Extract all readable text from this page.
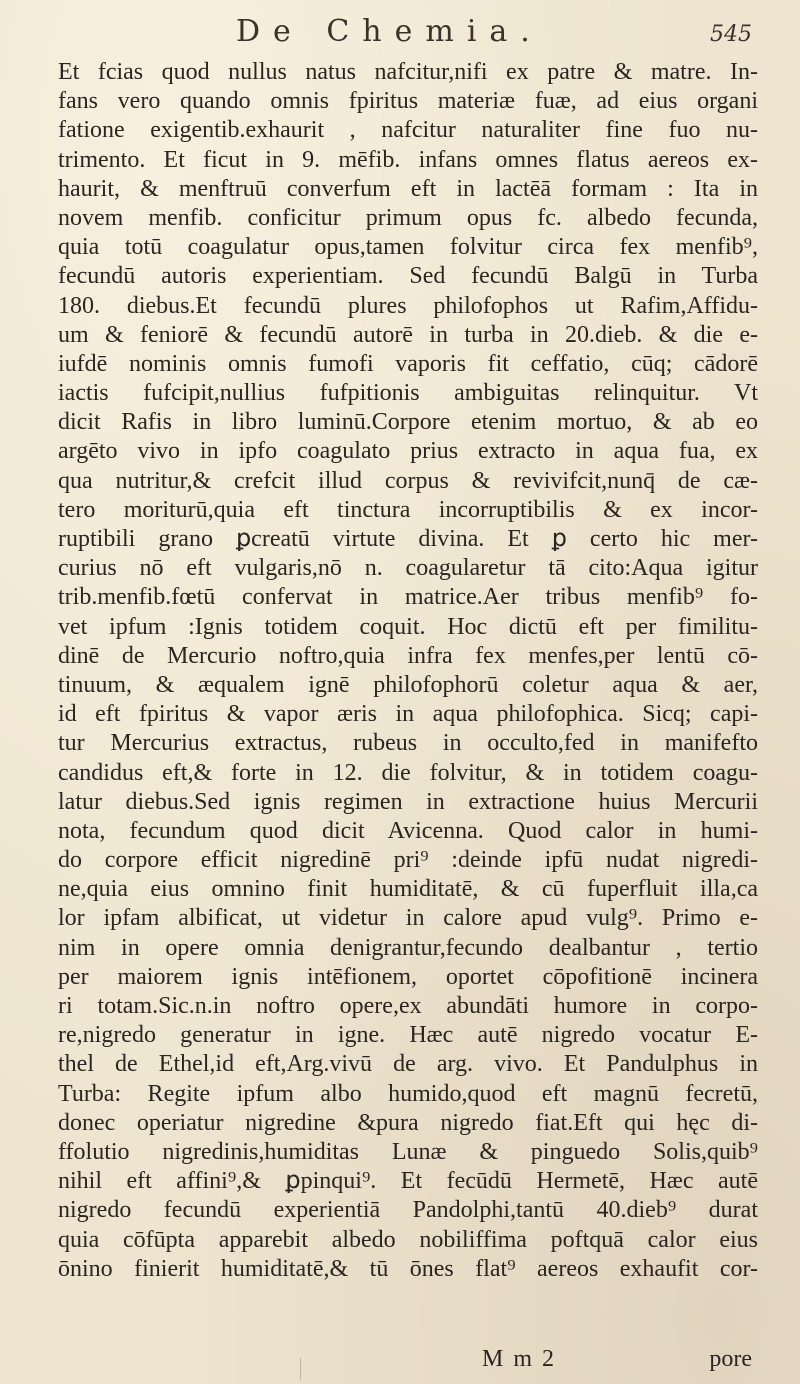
De Chemia.	545
Et fcias quod nullus natus nafcitur,nifi ex patre & matre. In-
fans vero quando omnis fpiritus materiæ fuæ, ad eius organi
fatione exigentib.exhaurit , nafcitur naturaliter fine fuo nu-
trimento. Et ficut in 9. mēfib. infans omnes flatus aereos ex-
haurit, & menftruū converfum eft in lactēā formam : Ita in
novem menfib. conficitur primum opus fc. albedo fecunda,
quia totū coagulatur opus,tamen folvitur circa fex menfib⁹,
fecundū autoris experientiam. Sed fecundū Balgū in Turba
180. diebus.Et fecundū plures philofophos ut Rafim,Affidu-
um & feniorē & fecundū autorē in turba in 20.dieb. & die e-
iufdē nominis omnis fumofi vaporis fit ceffatio, cūq; cādorē
iactis fufcipit,nullius fufpitionis ambiguitas relinquitur. Vt
dicit Rafis in libro luminū.Corpore etenim mortuo, & ab eo
argēto vivo in ipfo coagulato prius extracto in aqua fua, ex
qua nutritur,& crefcit illud corpus & revivifcit,nunq̄ de cæ-
tero moriturū,quia eft tinctura incorruptibilis & ex incor-
ruptibili grano ꝑcreatū virtute divina. Et ꝑ certo hic mer-
curius nō eft vulgaris,nō n. coagularetur tā cito:Aqua igitur
trib.menfib.fœtū confervat in matrice.Aer tribus menfib⁹ fo-
vet ipfum :Ignis totidem coquit. Hoc dictū eft per fimilitu-
dinē de Mercurio noftro,quia infra fex menfes,per lentū cō-
tinuum, & æqualem ignē philofophorū coletur aqua & aer,
id eft fpiritus & vapor æris in aqua philofophica. Sicq; capi-
tur Mercurius extractus, rubeus in occulto,fed in manifefto
candidus eft,& forte in 12. die folvitur, & in totidem coagu-
latur diebus.Sed ignis regimen in extractione huius Mercurii
nota, fecundum quod dicit Avicenna. Quod calor in humi-
do corpore efficit nigredinē pri⁹ :deinde ipfū nudat nigredi-
ne,quia eius omnino finit humiditatē, & cū fuperfluit illa,ca
lor ipfam albificat, ut videtur in calore apud vulg⁹. Primo e-
nim in opere omnia denigrantur,fecundo dealbantur , tertio
per maiorem ignis intēfionem, oportet cōpofitionē incinera
ri totam.Sic.n.in noftro opere,ex abundāti humore in corpo-
re,nigredo generatur in igne. Hæc autē nigredo vocatur E-
thel de Ethel,id eft,Arg.vivū de arg. vivo. Et Pandulphus in
Turba: Regite ipfum albo humido,quod eft magnū fecretū,
donec operiatur nigredine &pura nigredo fiat.Eft qui hęc di-
ffolutio nigredinis,humiditas Lunæ & pinguedo Solis,quib⁹
nihil eft affini⁹,& ꝑpinqui⁹. Et fecūdū Hermetē, Hæc autē
nigredo fecundū experientiā Pandolphi,tantū 40.dieb⁹ durat
quia cōfūpta apparebit albedo nobiliffima poftquā calor eius
ōnino finierit humiditatē,& tū ōnes flat⁹ aereos exhaufit cor-
M m 2	pore
